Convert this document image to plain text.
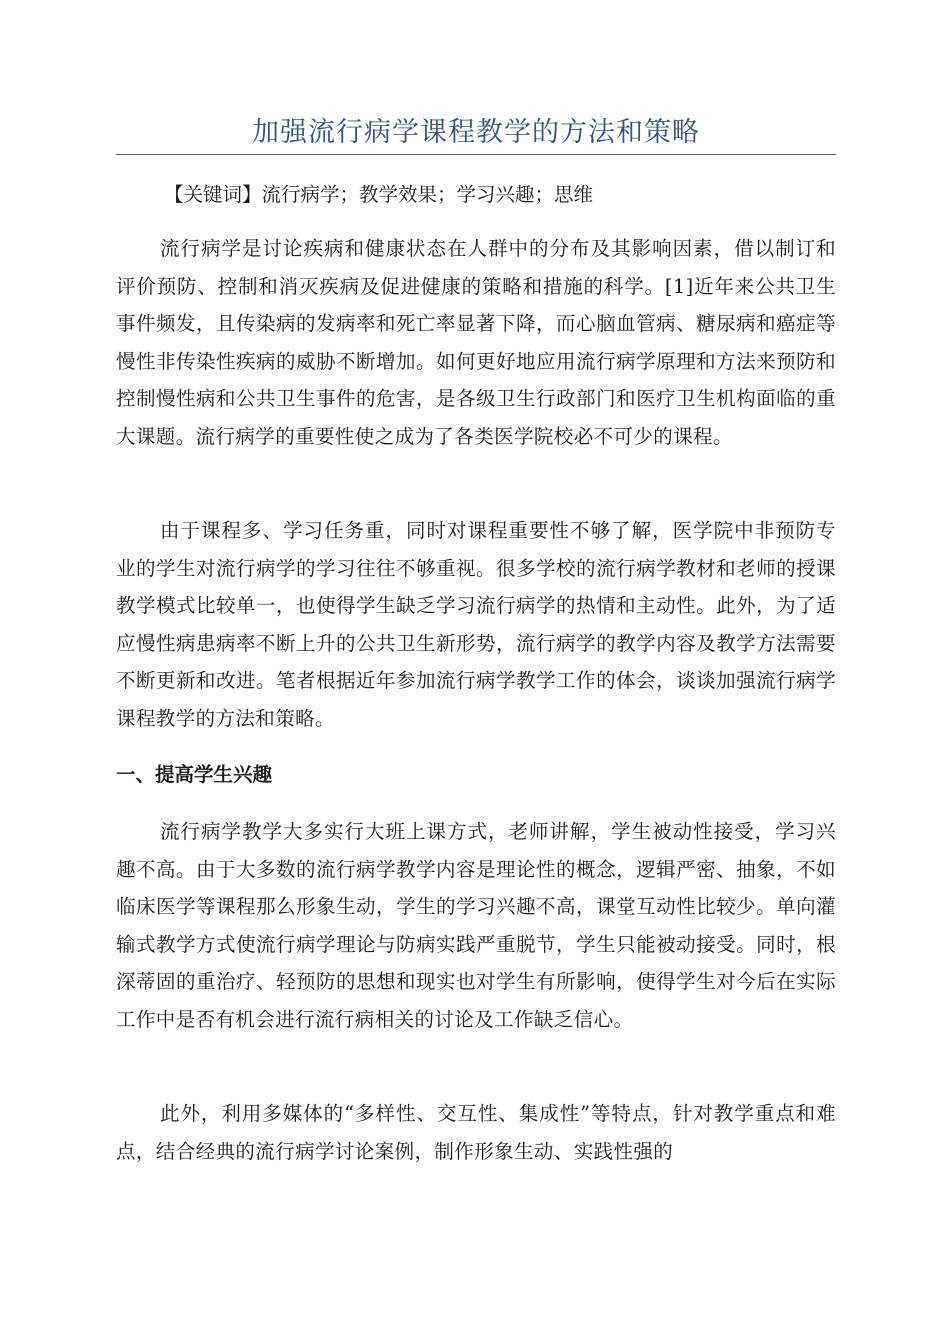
加强流行病学课程教学的方法和策略

【关键词】流行病学；教学效果；学习兴趣；思维

流行病学是讨论疾病和健康状态在人群中的分布及其影响因素，借以制订和评价预防、控制和消灭疾病及促进健康的策略和措施的科学。[1]近年来公共卫生事件频发，且传染病的发病率和死亡率显著下降，而心脑血管病、糖尿病和癌症等慢性非传染性疾病的威胁不断增加。如何更好地应用流行病学原理和方法来预防和控制慢性病和公共卫生事件的危害，是各级卫生行政部门和医疗卫生机构面临的重大课题。流行病学的重要性使之成为了各类医学院校必不可少的课程。

由于课程多、学习任务重，同时对课程重要性不够了解，医学院中非预防专业的学生对流行病学的学习往往不够重视。很多学校的流行病学教材和老师的授课教学模式比较单一，也使得学生缺乏学习流行病学的热情和主动性。此外，为了适应慢性病患病率不断上升的公共卫生新形势，流行病学的教学内容及教学方法需要不断更新和改进。笔者根据近年参加流行病学教学工作的体会，谈谈加强流行病学课程教学的方法和策略。

一、提高学生兴趣

流行病学教学大多实行大班上课方式，老师讲解，学生被动性接受，学习兴趣不高。由于大多数的流行病学教学内容是理论性的概念，逻辑严密、抽象，不如临床医学等课程那么形象生动，学生的学习兴趣不高，课堂互动性比较少。单向灌输式教学方式使流行病学理论与防病实践严重脱节，学生只能被动接受。同时，根深蒂固的重治疗、轻预防的思想和现实也对学生有所影响，使得学生对今后在实际工作中是否有机会进行流行病相关的讨论及工作缺乏信心。

此外，利用多媒体的“多样性、交互性、集成性”等特点，针对教学重点和难点，结合经典的流行病学讨论案例，制作形象生动、实践性强的
